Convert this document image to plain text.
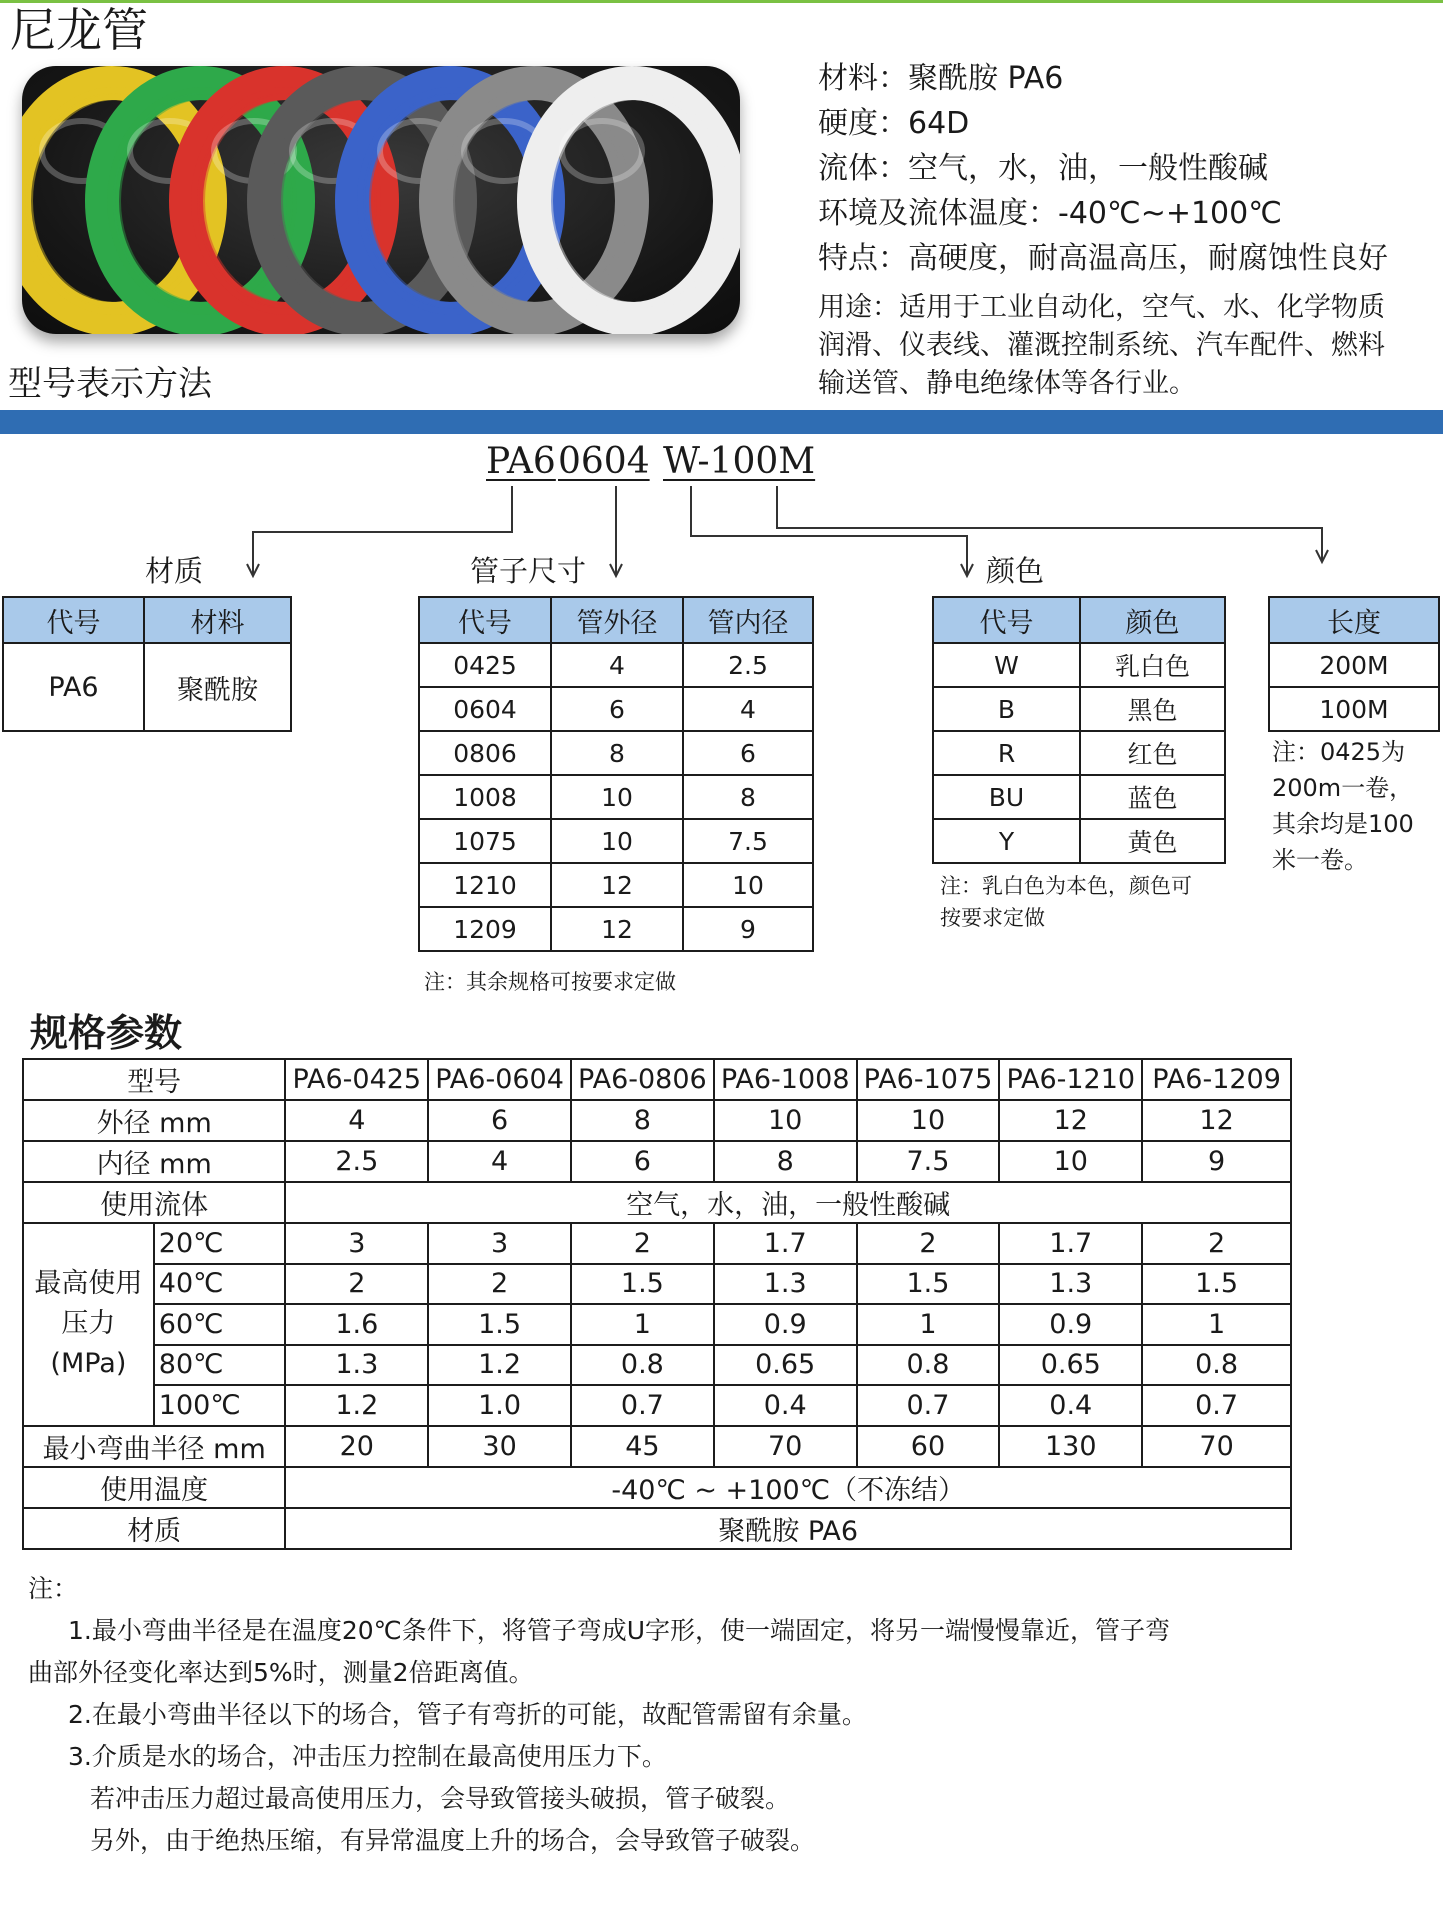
尼龙管
材料：聚酰胺 PA6
硬度：64D
流体：空气，水，油，一般性酸碱
环境及流体温度：-40℃~+100℃
特点：高硬度，耐高温高压，耐腐蚀性良好
用途：适用于工业自动化，空气、水、化学物质
润滑、仪表线、灌溉控制系统、汽车配件、燃料
输送管、静电绝缘体等各行业。
型号表示方法
PA6 0604 W-100M
材质	管子尺寸	颜色
代号	材料
PA6	聚酰胺
代号	管外径	管内径
0425	4	2.5
0604	6	4
0806	8	6
1008	10	8
1075	10	7.5
1210	12	10
1209	12	9
注：其余规格可按要求定做
代号	颜色
W	乳白色
B	黑色
R	红色
BU	蓝色
Y	黄色
注：乳白色为本色，颜色可
按要求定做
长度
200M
100M
注：0425为
200m一卷，
其余均是100
米一卷。
规格参数
型号		PA6-0425	PA6-0604	PA6-0806	PA6-1008	PA6-1075	PA6-1210	PA6-1209
外径 mm		4	6	8	10	10	12	12
内径 mm		2.5	4	6	8	7.5	10	9
使用流体		空气，水，油，一般性酸碱						

最高使用
压力
(MPa)	20℃	3	3	2	1.7	2	1.7	2
	40℃	2	2	1.5	1.3	1.5	1.3	1.5
	60℃	1.6	1.5	1	0.9	1	0.9	1
	80℃	1.3	1.2	0.8	0.65	0.8	0.65	0.8
	100℃	1.2	1.0	0.7	0.4	0.7	0.4	0.7
最小弯曲半径 mm		20	30	45	70	60	130	70
使用温度		-40℃ ~ +100℃（不冻结）						
材质		聚酰胺 PA6						
注：
1.最小弯曲半径是在温度20℃条件下，将管子弯成U字形，使一端固定，将另一端慢慢靠近，管子弯
曲部外径变化率达到5%时，测量2倍距离值。
2.在最小弯曲半径以下的场合，管子有弯折的可能，故配管需留有余量。
3.介质是水的场合，冲击压力控制在最高使用压力下。
若冲击压力超过最高使用压力，会导致管接头破损，管子破裂。
另外，由于绝热压缩，有异常温度上升的场合，会导致管子破裂。
